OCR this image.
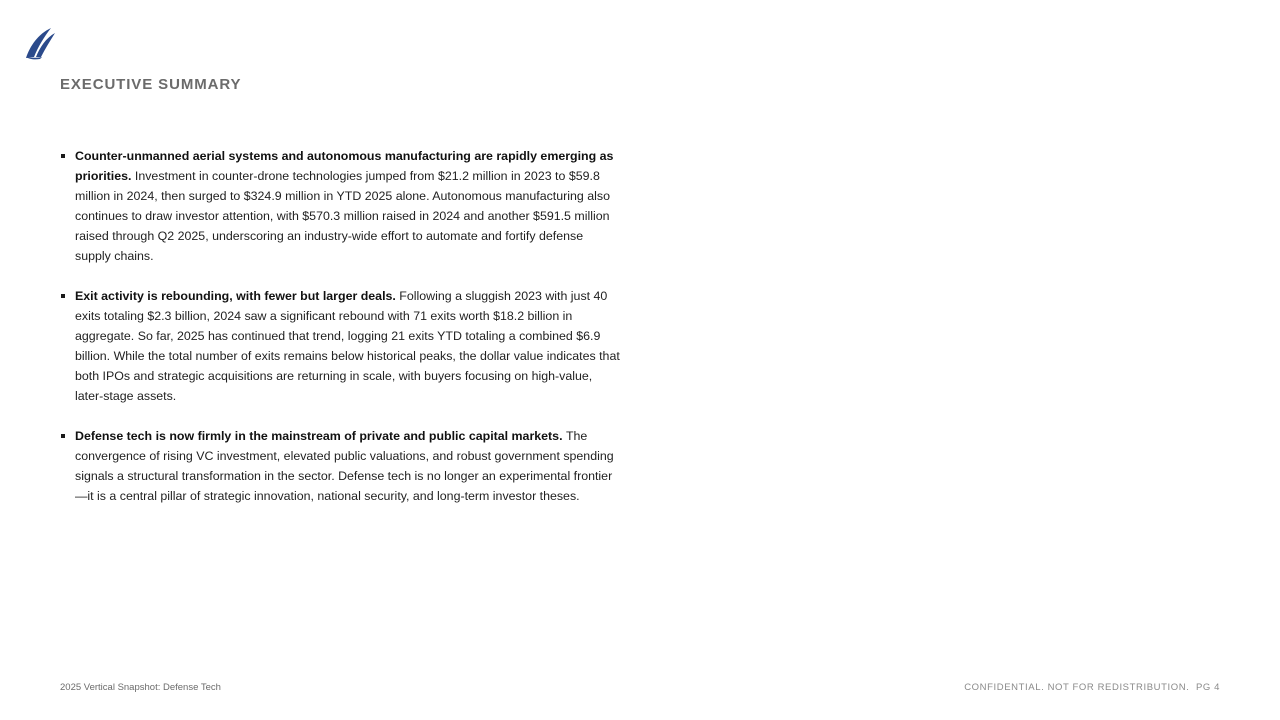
EXECUTIVE SUMMARY
Counter-unmanned aerial systems and autonomous manufacturing are rapidly emerging as priorities. Investment in counter-drone technologies jumped from $21.2 million in 2023 to $59.8 million in 2024, then surged to $324.9 million in YTD 2025 alone. Autonomous manufacturing also continues to draw investor attention, with $570.3 million raised in 2024 and another $591.5 million raised through Q2 2025, underscoring an industry-wide effort to automate and fortify defense supply chains.
Exit activity is rebounding, with fewer but larger deals. Following a sluggish 2023 with just 40 exits totaling $2.3 billion, 2024 saw a significant rebound with 71 exits worth $18.2 billion in aggregate. So far, 2025 has continued that trend, logging 21 exits YTD totaling a combined $6.9 billion. While the total number of exits remains below historical peaks, the dollar value indicates that both IPOs and strategic acquisitions are returning in scale, with buyers focusing on high-value, later-stage assets.
Defense tech is now firmly in the mainstream of private and public capital markets. The convergence of rising VC investment, elevated public valuations, and robust government spending signals a structural transformation in the sector. Defense tech is no longer an experimental frontier—it is a central pillar of strategic innovation, national security, and long-term investor theses.
2025 Vertical Snapshot: Defense Tech	CONFIDENTIAL. NOT FOR REDISTRIBUTION. PG 4
